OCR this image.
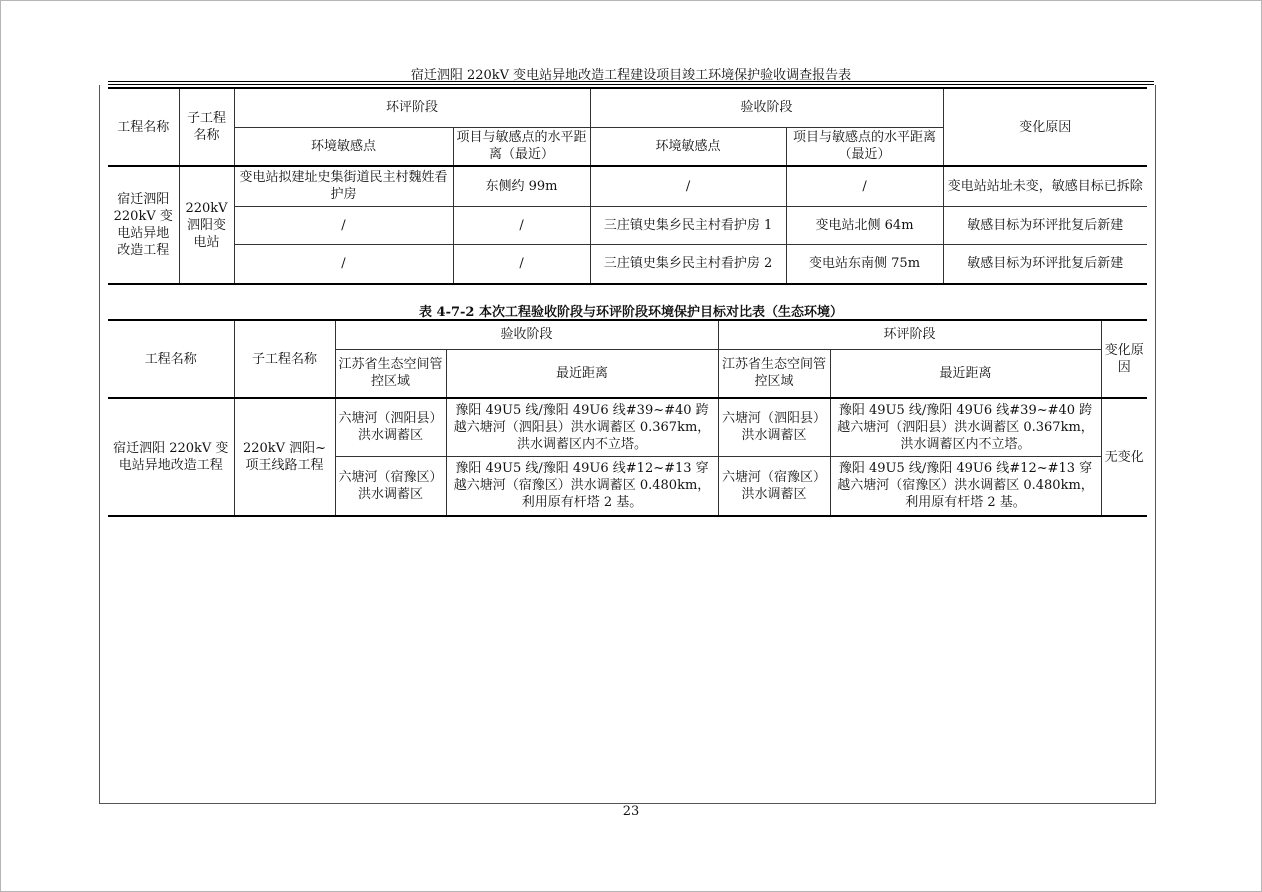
宿迁泗阳 220kV 变电站异地改造工程建设项目竣工环境保护验收调查报告表
工程名称	子工程名称	环评阶段		验收阶段		变化原因
		环境敏感点	项目与敏感点的水平距离（最近）	环境敏感点	项目与敏感点的水平距离（最近）	
宿迁泗阳 220kV 变电站异地改造工程	220kV 泗阳变电站	变电站拟建址史集街道民主村魏姓看护房	东侧约 99m	/	/	变电站站址未变，敏感目标已拆除
		/	/	三庄镇史集乡民主村看护房 1	变电站北侧 64m	敏感目标为环评批复后新建
		/	/	三庄镇史集乡民主村看护房 2	变电站东南侧 75m	敏感目标为环评批复后新建
表 4-7-2 本次工程验收阶段与环评阶段环境保护目标对比表（生态环境）
工程名称	子工程名称	验收阶段		环评阶段		变化原因
		江苏省生态空间管控区域	最近距离	江苏省生态空间管控区域	最近距离	
宿迁泗阳 220kV 变电站异地改造工程	220kV 泗阳~项王线路工程	六塘河（泗阳县）洪水调蓄区	豫阳 49U5 线/豫阳 49U6 线#39~#40 跨越六塘河（泗阳县）洪水调蓄区 0.367km，洪水调蓄区内不立塔。	六塘河（泗阳县）洪水调蓄区	豫阳 49U5 线/豫阳 49U6 线#39~#40 跨越六塘河（泗阳县）洪水调蓄区 0.367km，洪水调蓄区内不立塔。	无变化
		六塘河（宿豫区）洪水调蓄区	豫阳 49U5 线/豫阳 49U6 线#12~#13 穿越六塘河（宿豫区）洪水调蓄区 0.480km，利用原有杆塔 2 基。	六塘河（宿豫区）洪水调蓄区	豫阳 49U5 线/豫阳 49U6 线#12~#13 穿越六塘河（宿豫区）洪水调蓄区 0.480km，利用原有杆塔 2 基。	
23
